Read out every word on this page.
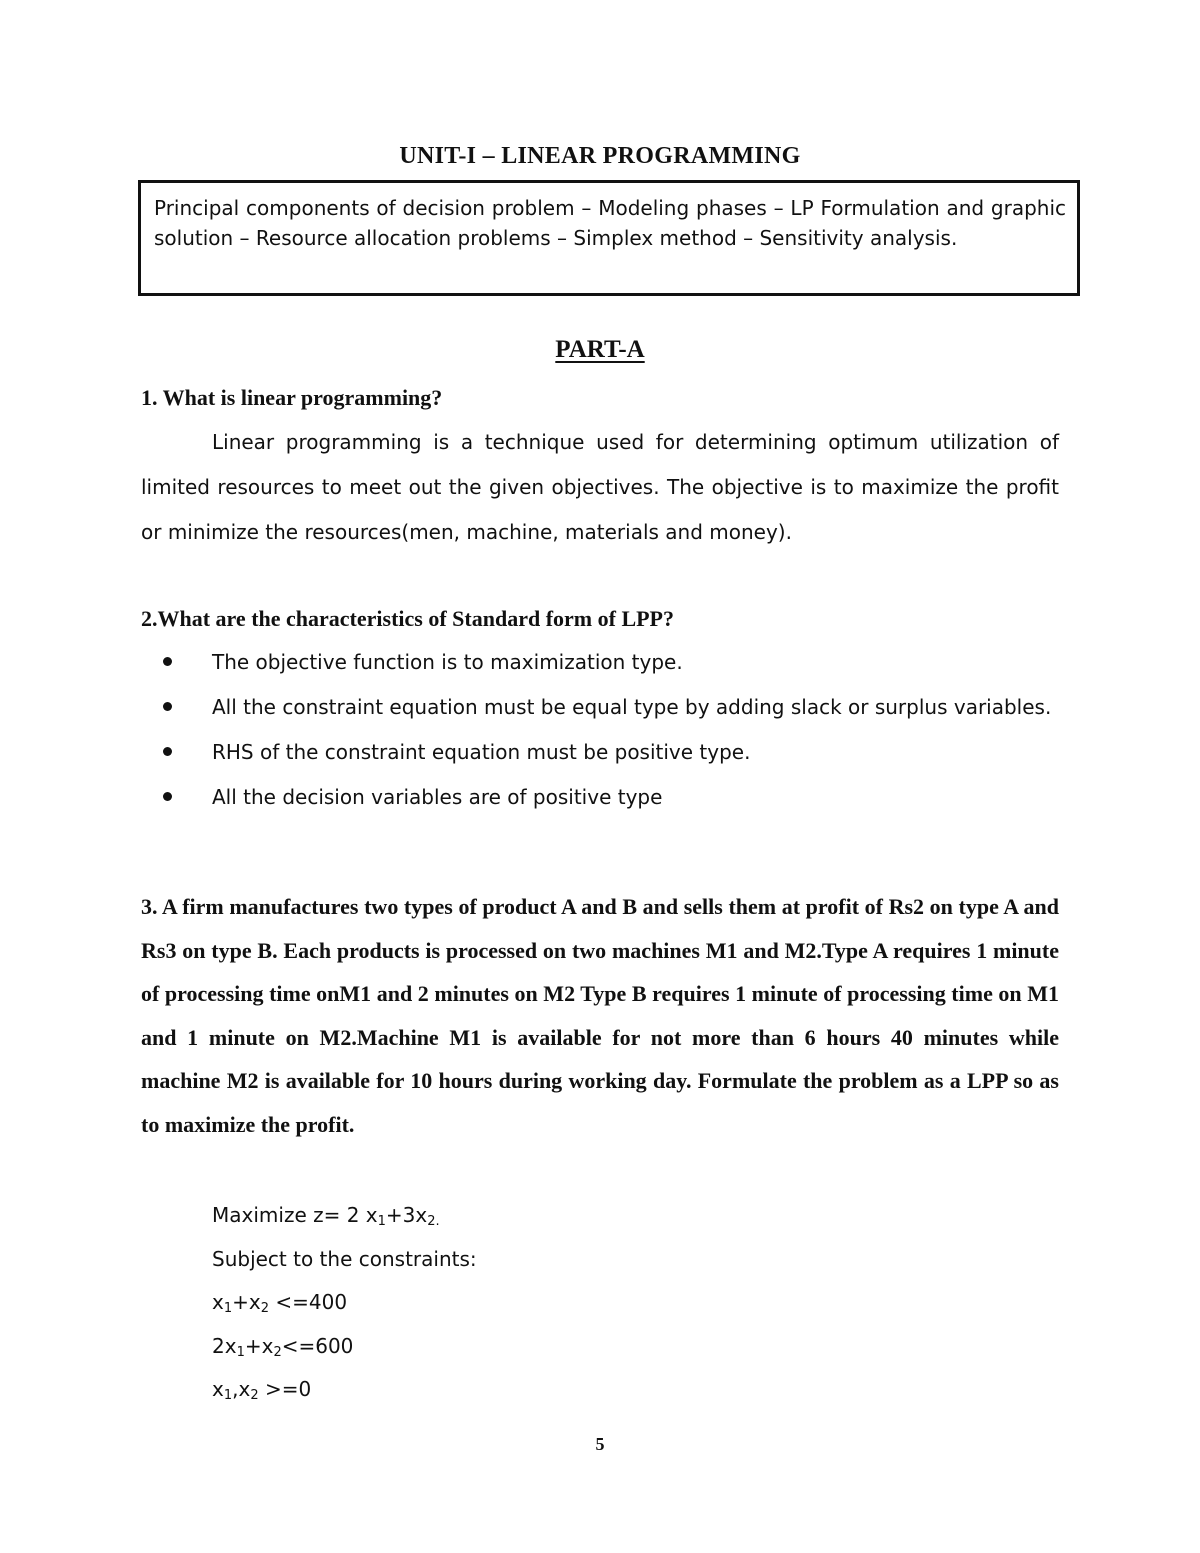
UNIT-I – LINEAR PROGRAMMING

Principal components of decision problem – Modeling phases – LP Formulation and graphic solution – Resource allocation problems – Simplex method – Sensitivity analysis.

PART-A
1. What is linear programming?

Linear programming is a technique used for determining optimum utilization of limited resources to meet out the given objectives. The objective is to maximize the profit or minimize the resources(men, machine, materials and money).

2.What are the characteristics of Standard form of LPP?
The objective function is to maximization type.
All the constraint equation must be equal type by adding slack or surplus variables.
RHS of the constraint equation must be positive type.
All the decision variables are of positive type

3. A firm manufactures two types of product A and B and sells them at profit of Rs2 on type A and Rs3 on type B. Each products is processed on two machines M1 and M2.Type A requires 1 minute of processing time onM1 and 2 minutes on M2 Type B requires 1 minute of processing time on M1 and 1 minute on M2.Machine M1 is available for not more than 6 hours 40 minutes while machine M2 is available for 10 hours during working day. Formulate the problem as a LPP so as to maximize the profit.

Maximize z= 2 $x_1+3x_{2.}$
Subject to the constraints:
$x_1+x_2 <=400$
$2x_1+x_2<=600$
$x_1,x_2 >=0$
5
